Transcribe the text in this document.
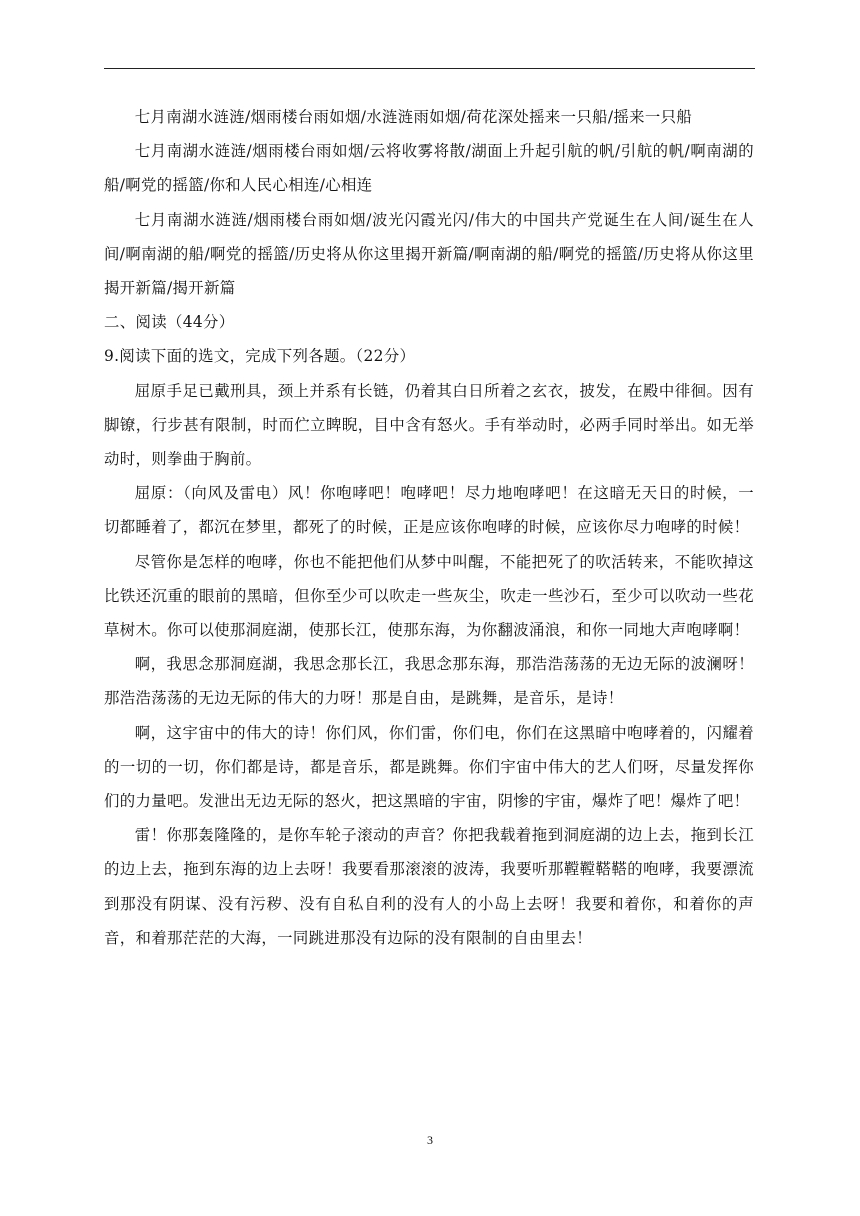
七月南湖水涟涟/烟雨楼台雨如烟/水涟涟雨如烟/荷花深处摇来一只船/摇来一只船

七月南湖水涟涟/烟雨楼台雨如烟/云将收雾将散/湖面上升起引航的帆/引航的帆/啊南湖的船/啊党的摇篮/你和人民心相连/心相连

七月南湖水涟涟/烟雨楼台雨如烟/波光闪霞光闪/伟大的中国共产党诞生在人间/诞生在人间/啊南湖的船/啊党的摇篮/历史将从你这里揭开新篇/啊南湖的船/啊党的摇篮/历史将从你这里揭开新篇/揭开新篇

二、阅读（44分）

9.阅读下面的选文，完成下列各题。（22分）

屈原手足已戴刑具，颈上并系有长链，仍着其白日所着之玄衣，披发，在殿中徘徊。因有脚镣，行步甚有限制，时而伫立睥睨，目中含有怒火。手有举动时，必两手同时举出。如无举动时，则拳曲于胸前。

屈原：（向风及雷电）风！你咆哮吧！咆哮吧！尽力地咆哮吧！在这暗无天日的时候，一切都睡着了，都沉在梦里，都死了的时候，正是应该你咆哮的时候，应该你尽力咆哮的时候！

尽管你是怎样的咆哮，你也不能把他们从梦中叫醒，不能把死了的吹活转来，不能吹掉这比铁还沉重的眼前的黑暗，但你至少可以吹走一些灰尘，吹走一些沙石，至少可以吹动一些花草树木。你可以使那洞庭湖，使那长江，使那东海，为你翻波涌浪，和你一同地大声咆哮啊！

啊，我思念那洞庭湖，我思念那长江，我思念那东海，那浩浩荡荡的无边无际的波澜呀！那浩浩荡荡的无边无际的伟大的力呀！那是自由，是跳舞，是音乐，是诗！

啊，这宇宙中的伟大的诗！你们风，你们雷，你们电，你们在这黑暗中咆哮着的，闪耀着的一切的一切，你们都是诗，都是音乐，都是跳舞。你们宇宙中伟大的艺人们呀，尽量发挥你们的力量吧。发泄出无边无际的怒火，把这黑暗的宇宙，阴惨的宇宙，爆炸了吧！爆炸了吧！

雷！你那轰隆隆的，是你车轮子滚动的声音？你把我载着拖到洞庭湖的边上去，拖到长江的边上去，拖到东海的边上去呀！我要看那滚滚的波涛，我要听那鞺鞺鞳鞳的咆哮，我要漂流到那没有阴谋、没有污秽、没有自私自利的没有人的小岛上去呀！我要和着你，和着你的声音，和着那茫茫的大海，一同跳进那没有边际的没有限制的自由里去！

3
